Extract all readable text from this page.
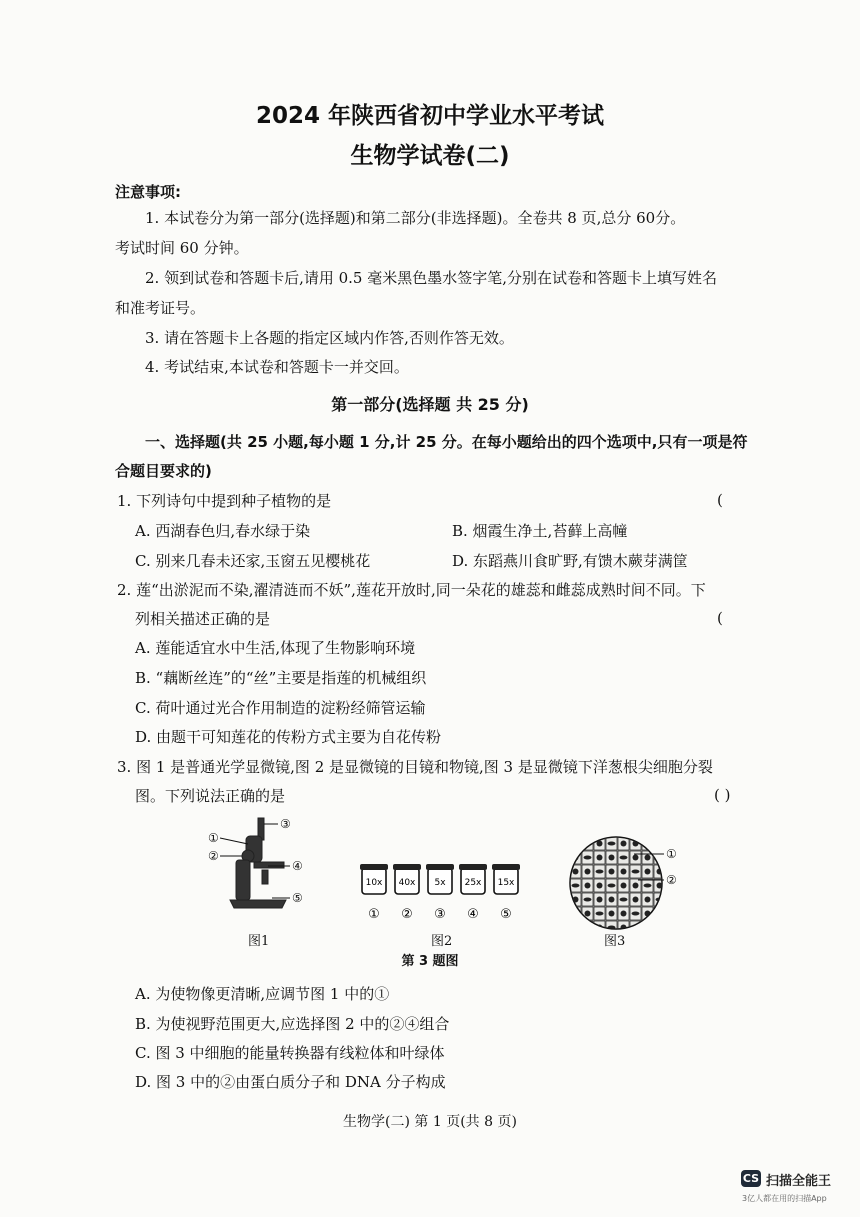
2024 年陕西省初中学业水平考试
生物学试卷(二)
注意事项:
1. 本试卷分为第一部分(选择题)和第二部分(非选择题)。全卷共 8 页,总分 60分。
考试时间 60 分钟。
2. 领到试卷和答题卡后,请用 0.5 毫米黑色墨水签字笔,分别在试卷和答题卡上填写姓名
和准考证号。
3. 请在答题卡上各题的指定区域内作答,否则作答无效。
4. 考试结束,本试卷和答题卡一并交回。
第一部分(选择题 共 25 分)
一、选择题(共 25 小题,每小题 1 分,计 25 分。在每小题给出的四个选项中,只有一项是符
合题目要求的)
1. 下列诗句中提到种子植物的是	(
A. 西湖春色归,春水绿于染	B. 烟霞生净土,苔藓上高幢
C. 别来几春未还家,玉窗五见樱桃花	D. 东蹈燕川食旷野,有馈木蕨芽满筐
2. 莲“出淤泥而不染,濯清涟而不妖”,莲花开放时,同一朵花的雄蕊和雌蕊成熟时间不同。下
列相关描述正确的是	(
A. 莲能适宜水中生活,体现了生物影响环境
B. “藕断丝连”的“丝”主要是指莲的机械组织
C. 荷叶通过光合作用制造的淀粉经筛管运输
D. 由题干可知莲花的传粉方式主要为自花传粉
3. 图 1 是普通光学显微镜,图 2 是显微镜的目镜和物镜,图 3 是显微镜下洋葱根尖细胞分裂
图。下列说法正确的是	( )
③
①
②
④
⑤
图1
10x
①
40x
②
5x
③
25x
④
15x
⑤
图2
①
②
图3
第 3 题图
A. 为使物像更清晰,应调节图 1 中的①
B. 为使视野范围更大,应选择图 2 中的②④组合
C. 图 3 中细胞的能量转换器有线粒体和叶绿体
D. 图 3 中的②由蛋白质分子和 DNA 分子构成
生物学(二) 第 1 页(共 8 页)
CS 扫描全能王
3亿人都在用的扫描App
